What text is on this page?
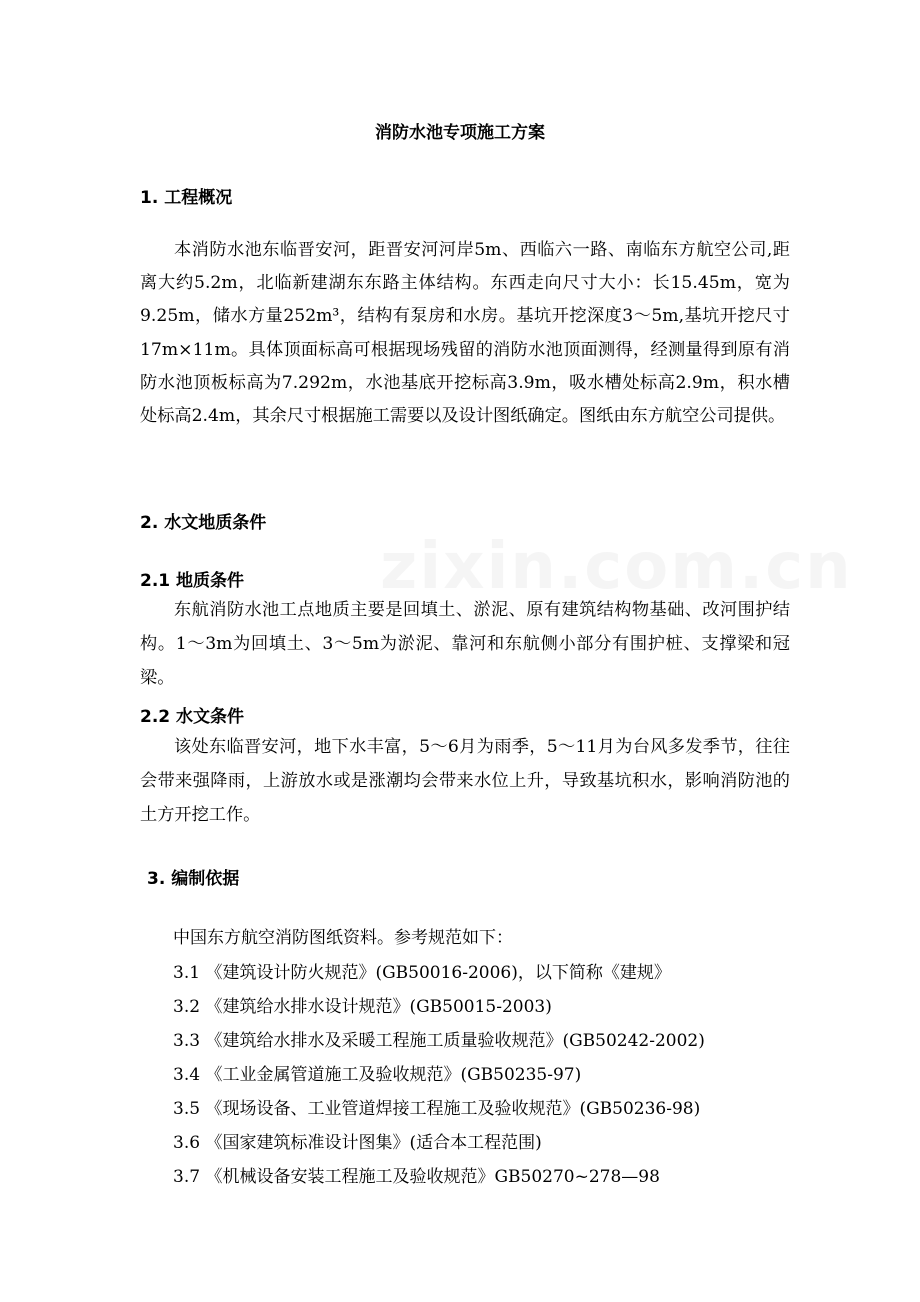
zixin.com.cn
消防水池专项施工方案
1. 工程概况
本消防水池东临晋安河，距晋安河河岸5m、西临六一路、南临东方航空公司,距离大约5.2m，北临新建湖东东路主体结构。东西走向尺寸大小：长15.45m，宽为9.25m，储水方量252m³，结构有泵房和水房。基坑开挖深度3～5m,基坑开挖尺寸17m×11m。具体顶面标高可根据现场残留的消防水池顶面测得，经测量得到原有消防水池顶板标高为7.292m，水池基底开挖标高3.9m，吸水槽处标高2.9m，积水槽处标高2.4m，其余尺寸根据施工需要以及设计图纸确定。图纸由东方航空公司提供。
2. 水文地质条件
2.1 地质条件
东航消防水池工点地质主要是回填土、淤泥、原有建筑结构物基础、改河围护结构。1～3m为回填土、3～5m为淤泥、靠河和东航侧小部分有围护桩、支撑梁和冠梁。
2.2 水文条件
该处东临晋安河，地下水丰富，5～6月为雨季，5～11月为台风多发季节，往往会带来强降雨，上游放水或是涨潮均会带来水位上升，导致基坑积水，影响消防池的土方开挖工作。
3. 编制依据
中国东方航空消防图纸资料。参考规范如下：
3.1 《建筑设计防火规范》(GB50016-2006)，以下简称《建规》
3.2 《建筑给水排水设计规范》(GB50015-2003)
3.3 《建筑给水排水及采暖工程施工质量验收规范》(GB50242-2002)
3.4 《工业金属管道施工及验收规范》(GB50235-97)
3.5 《现场设备、工业管道焊接工程施工及验收规范》(GB50236-98)
3.6 《国家建筑标准设计图集》(适合本工程范围)
3.7 《机械设备安装工程施工及验收规范》GB50270~278—98
